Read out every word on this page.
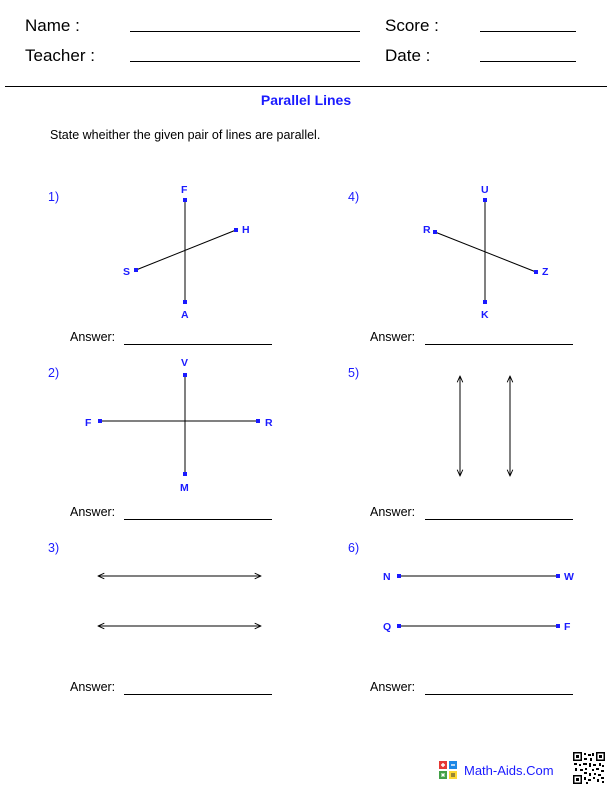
Name :	Score :
Teacher :	Date :
Parallel Lines
State wheither the given pair of lines are parallel.
1)
2)
3)
4)
5)
6)
Answer:	Answer:
Answer:	Answer:
Answer:	Answer:
F
A
S
H
U
K
R
Z
V
M
F	R
N	W
Q	F
Math-Aids.Com
